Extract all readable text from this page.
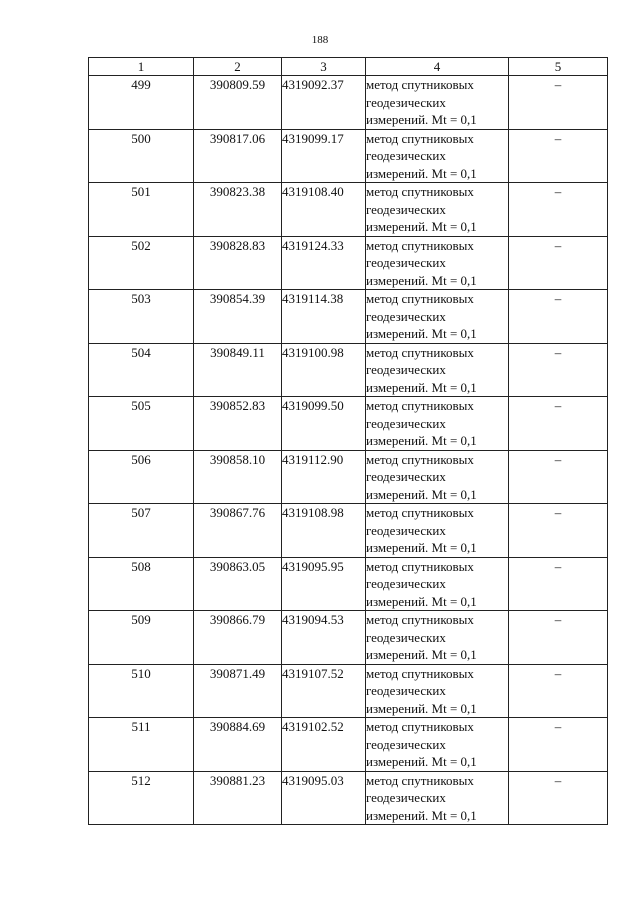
188
1	2	3	4	5
499	390809.59	4319092.37	метод спутниковых
геодезических
измерений. Mt = 0,1	–
500	390817.06	4319099.17	метод спутниковых
геодезических
измерений. Mt = 0,1	–
501	390823.38	4319108.40	метод спутниковых
геодезических
измерений. Mt = 0,1	–
502	390828.83	4319124.33	метод спутниковых
геодезических
измерений. Mt = 0,1	–
503	390854.39	4319114.38	метод спутниковых
геодезических
измерений. Mt = 0,1	–
504	390849.11	4319100.98	метод спутниковых
геодезических
измерений. Mt = 0,1	–
505	390852.83	4319099.50	метод спутниковых
геодезических
измерений. Mt = 0,1	–
506	390858.10	4319112.90	метод спутниковых
геодезических
измерений. Mt = 0,1	–
507	390867.76	4319108.98	метод спутниковых
геодезических
измерений. Mt = 0,1	–
508	390863.05	4319095.95	метод спутниковых
геодезических
измерений. Mt = 0,1	–
509	390866.79	4319094.53	метод спутниковых
геодезических
измерений. Mt = 0,1	–
510	390871.49	4319107.52	метод спутниковых
геодезических
измерений. Mt = 0,1	–
511	390884.69	4319102.52	метод спутниковых
геодезических
измерений. Mt = 0,1	–
512	390881.23	4319095.03	метод спутниковых
геодезических
измерений. Mt = 0,1	–
